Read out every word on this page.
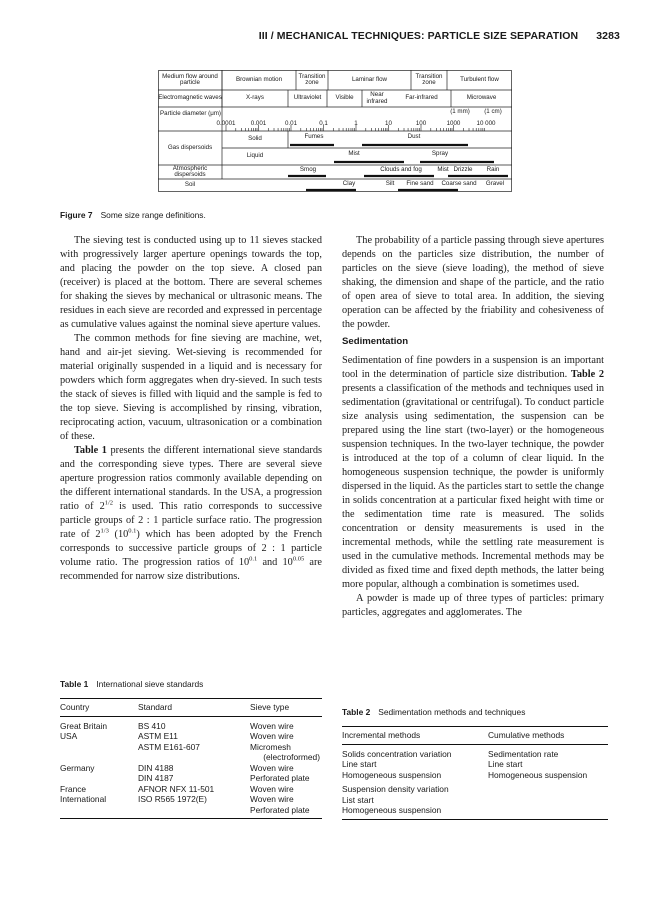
III / MECHANICAL TECHNIQUES: PARTICLE SIZE SEPARATION 3283
Medium flow around particle
Electromagnetic waves
Particle diameter (μm)
Gas dispersoids
Atmospheric dispersoids
Soil
Brownian motion	Transition zone	Laminar flow	Transition zone	Turbulent flow
X-rays	Ultraviolet	Visible	Near infrared	Far-infrared	Microwave
(1 mm)	(1 cm)
0.0001	0.001	0.01	0.1	1	10	100	1000	10 000
Solid
Liquid
Fumes	Dust
Mist	Spray
Smog	Clouds and fog	Mist Drizzle	Rain
Clay	Silt	Fine sand	Coarse sand	Gravel
Figure 7 Some size range definitions.

The sieving test is conducted using up to 11 sieves stacked with progressively larger aperture openings towards the top, and placing the powder on the top sieve. A closed pan (receiver) is placed at the bottom. There are several schemes for shaking the sieves by mechanical or ultrasonic means. The residues in each sieve are recorded and expressed in percentage as cumulative values against the nominal sieve aperture values.

The common methods for fine sieving are machine, wet, hand and air-jet sieving. Wet-sieving is recommended for material originally suspended in a liquid and is necessary for powders which form aggregates when dry-sieved. In such tests the stack of sieves is filled with liquid and the sample is fed to the top sieve. Sieving is accomplished by rinsing, vibration, reciprocating action, vacuum, ultrasonication or a combination of these.

Table 1 presents the different international sieve standards and the corresponding sieve types. There are several sieve aperture progression ratios commonly available depending on the different international standards. In the USA, a progression ratio of $2^{1/2}$ is used. This ratio corresponds to successive particle groups of 2 : 1 particle surface ratio. The progression rate of $2^{1/3}$ $(10^{0.1})$ which has been adopted by the French corresponds to successive particle groups of 2 : 1 particle volume ratio. The progression ratios of $10^{0.1}$ and $10^{0.05}$ are recommended for narrow size distributions.

Table 1 International sieve standards
Country	Standard	Sieve type
Great Britain	BS 410	Woven wire
USA	ASTM E11	Woven wire
	ASTM E161-607	Micromesh
		(electroformed)
Germany	DIN 4188	Woven wire
	DIN 4187	Perforated plate
France	AFNOR NFX 11-501	Woven wire
International	ISO R565 1972(E)	Woven wire
		Perforated plate

The probability of a particle passing through sieve apertures depends on the particles size distribution, the number of particles on the sieve (sieve loading), the method of sieve shaking, the dimension and shape of the particle, and the ratio of open area of sieve to total area. In addition, the sieving operation can be affected by the friability and cohesiveness of the powder.

Sedimentation

Sedimentation of fine powders in a suspension is an important tool in the determination of particle size distribution. Table 2 presents a classification of the methods and techniques used in sedimentation (gravitational or centrifugal). To conduct particle size analysis using sedimentation, the suspension can be prepared using the line start (two-layer) or the homogeneous suspension techniques. In the two-layer technique, the powder is introduced at the top of a column of clear liquid. In the homogeneous suspension technique, the powder is uniformly dispersed in the liquid. As the particles start to settle the change in solids concentration at a particular fixed height with time or the sedimentation time rate is measured. The solids concentration or density measurements is used in the incremental methods, while the settling rate measurement is used in the cumulative methods. Incremental methods may be divided as fixed time and fixed depth methods, the latter being more popular, although a combination is sometimes used.

A powder is made up of three types of particles: primary particles, aggregates and agglomerates. The

Table 2 Sedimentation methods and techniques
Incremental methods	Cumulative methods
Solids concentration variation	Sedimentation rate
Line start	Line start
Homogeneous suspension	Homogeneous suspension
Suspension density variation	
List start	
Homogeneous suspension	
